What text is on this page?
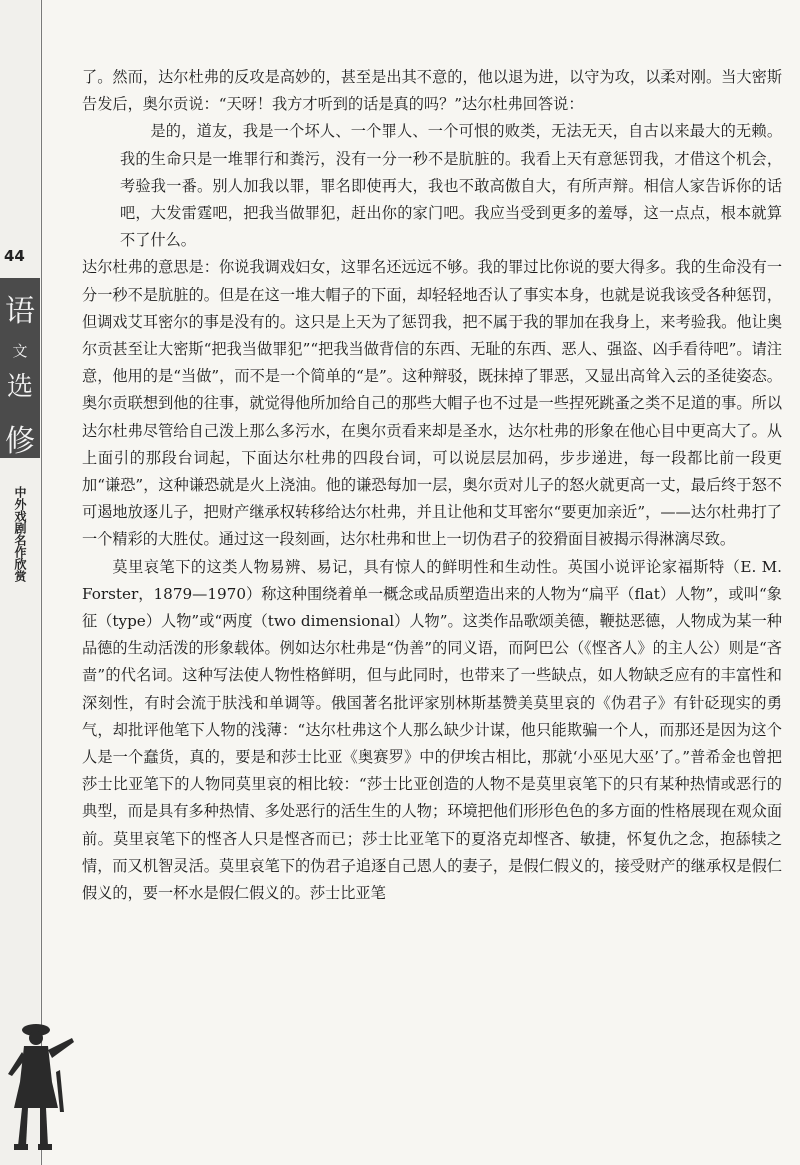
44
语
文
选
修
中外戏剧名作欣赏

了。然而，达尔杜弗的反攻是高妙的，甚至是出其不意的，他以退为进，以守为攻，以柔对刚。当大密斯告发后，奥尔贡说：“天呀！我方才听到的话是真的吗？”达尔杜弗回答说：

是的，道友，我是一个坏人、一个罪人、一个可恨的败类，无法无天，自古以来最大的无赖。我的生命只是一堆罪行和粪污，没有一分一秒不是肮脏的。我看上天有意惩罚我，才借这个机会，考验我一番。别人加我以罪，罪名即使再大，我也不敢高傲自大，有所声辩。相信人家告诉你的话吧，大发雷霆吧，把我当做罪犯，赶出你的家门吧。我应当受到更多的羞辱，这一点点，根本就算不了什么。

达尔杜弗的意思是：你说我调戏妇女，这罪名还远远不够。我的罪过比你说的要大得多。我的生命没有一分一秒不是肮脏的。但是在这一堆大帽子的下面，却轻轻地否认了事实本身，也就是说我该受各种惩罚，但调戏艾耳密尔的事是没有的。这只是上天为了惩罚我，把不属于我的罪加在我身上，来考验我。他让奥尔贡甚至让大密斯“把我当做罪犯”“把我当做背信的东西、无耻的东西、恶人、强盗、凶手看待吧”。请注意，他用的是“当做”，而不是一个简单的“是”。这种辩驳，既抹掉了罪恶，又显出高耸入云的圣徒姿态。奥尔贡联想到他的往事，就觉得他所加给自己的那些大帽子也不过是一些捏死跳蚤之类不足道的事。所以达尔杜弗尽管给自己泼上那么多污水，在奥尔贡看来却是圣水，达尔杜弗的形象在他心目中更高大了。从上面引的那段台词起，下面达尔杜弗的四段台词，可以说层层加码，步步递进，每一段都比前一段更加“谦恐”，这种谦恐就是火上浇油。他的谦恐每加一层，奥尔贡对儿子的怒火就更高一丈，最后终于怒不可遏地放逐儿子，把财产继承权转移给达尔杜弗，并且让他和艾耳密尔“要更加亲近”，——达尔杜弗打了一个精彩的大胜仗。通过这一段刻画，达尔杜弗和世上一切伪君子的狡猾面目被揭示得淋漓尽致。

莫里哀笔下的这类人物易辨、易记，具有惊人的鲜明性和生动性。英国小说评论家福斯特（E. M. Forster，1879—1970）称这种围绕着单一概念或品质塑造出来的人物为“扁平（flat）人物”，或叫“象征（type）人物”或“两度（two dimensional）人物”。这类作品歌颂美德，鞭挞恶德，人物成为某一种品德的生动活泼的形象载体。例如达尔杜弗是“伪善”的同义语，而阿巴公（《悭吝人》的主人公）则是“吝啬”的代名词。这种写法使人物性格鲜明，但与此同时，也带来了一些缺点，如人物缺乏应有的丰富性和深刻性，有时会流于肤浅和单调等。俄国著名批评家别林斯基赞美莫里哀的《伪君子》有针砭现实的勇气，却批评他笔下人物的浅薄：“达尔杜弗这个人那么缺少计谋，他只能欺骗一个人，而那还是因为这个人是一个蠢货，真的，要是和莎士比亚《奥赛罗》中的伊埃古相比，那就‘小巫见大巫’了。”普希金也曾把莎士比亚笔下的人物同莫里哀的相比较：“莎士比亚创造的人物不是莫里哀笔下的只有某种热情或恶行的典型，而是具有多种热情、多处恶行的活生生的人物；环境把他们形形色色的多方面的性格展现在观众面前。莫里哀笔下的悭吝人只是悭吝而已；莎士比亚笔下的夏洛克却悭吝、敏捷，怀复仇之念，抱舔犊之情，而又机智灵活。莫里哀笔下的伪君子追逐自己恩人的妻子，是假仁假义的，接受财产的继承权是假仁假义的，要一杯水是假仁假义的。莎士比亚笔
